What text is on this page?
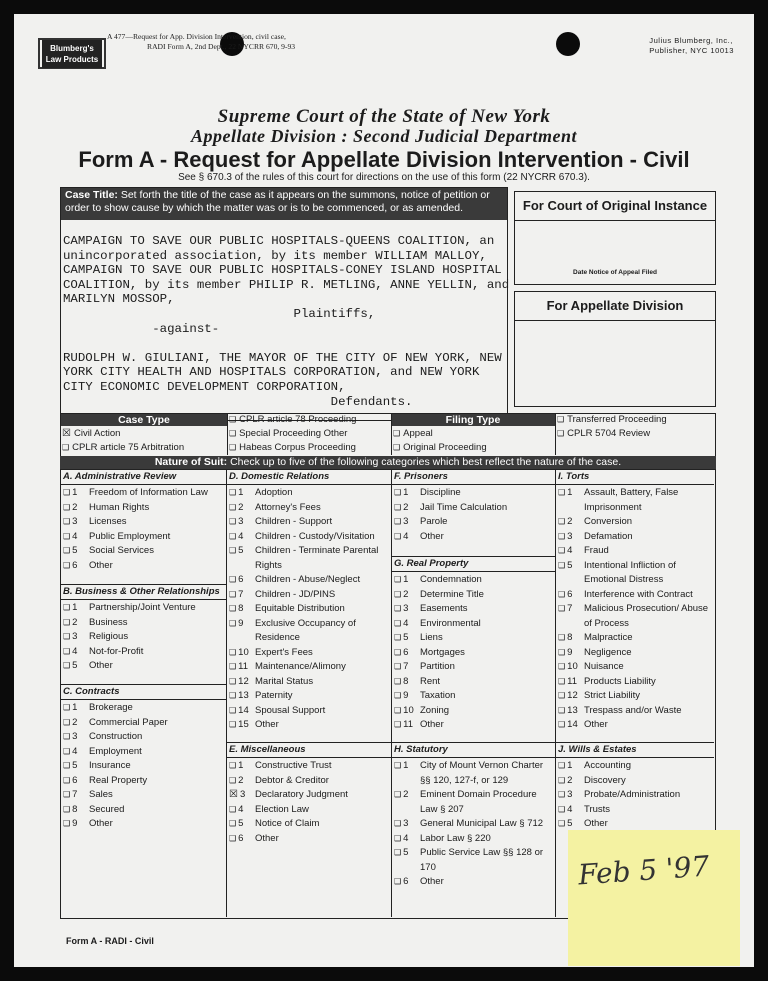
Blumberg's
Law Products
A 477—Request for App. Division Intervention, civil case,
RADI Form A, 2nd Dept., 22 NYCRR 670, 9-93
Julius Blumberg, Inc.,
Publisher, NYC 10013
Supreme Court of the State of New York
Appellate Division : Second Judicial Department
Form A - Request for Appellate Division Intervention - Civil
See § 670.3 of the rules of this court for directions on the use of this form (22 NYCRR 670.3).
Case Title: Set forth the title of the case as it appears on the summons, notice of petition or order to show cause by which the matter was or is to be commenced, or as amended.
CAMPAIGN TO SAVE OUR PUBLIC HOSPITALS-QUEENS COALITION, an
unincorporated association, by its member WILLIAM MALLOY,
CAMPAIGN TO SAVE OUR PUBLIC HOSPITALS-CONEY ISLAND HOSPITAL
COALITION, by its member PHILIP R. METLING, ANNE YELLIN, and
MARILYN MOSSOP,
Plaintiffs,
-against-

RUDOLPH W. GIULIANI, THE MAYOR OF THE CITY OF NEW YORK, NEW
YORK CITY HEALTH AND HOSPITALS CORPORATION, and NEW YORK
CITY ECONOMIC DEVELOPMENT CORPORATION,
Defendants.
For Court of Original Instance
Date Notice of Appeal Filed
For Appellate Division
Case Type	Filing Type
☒ Civil Action
❑ CPLR article 75 Arbitration
❑ CPLR article 78 Proceeding
❑ Special Proceeding Other
❑ Habeas Corpus Proceeding
❑ Appeal
❑ Original Proceeding
❑ Transferred Proceeding
❑ CPLR 5704 Review
Nature of Suit: Check up to five of the following categories which best reflect the nature of the case.
A. Administrative Review
❑ 1	Freedom of Information Law
❑ 2	Human Rights
❑ 3	Licenses
❑ 4	Public Employment
❑ 5	Social Services
❑ 6	Other
B. Business & Other Relationships
❑ 1	Partnership/Joint Venture
❑ 2	Business
❑ 3	Religious
❑ 4	Not-for-Profit
❑ 5	Other
C. Contracts
❑ 1	Brokerage
❑ 2	Commercial Paper
❑ 3	Construction
❑ 4	Employment
❑ 5	Insurance
❑ 6	Real Property
❑ 7	Sales
❑ 8	Secured
❑ 9	Other
D. Domestic Relations
❑ 1	Adoption
❑ 2	Attorney's Fees
❑ 3	Children - Support
❑ 4	Children - Custody/Visitation
❑ 5	Children - Terminate Parental Rights
❑ 6	Children - Abuse/Neglect
❑ 7	Children - JD/PINS
❑ 8	Equitable Distribution
❑ 9	Exclusive Occupancy of Residence
❑ 10 Expert's Fees
❑ 11 Maintenance/Alimony
❑ 12 Marital Status
❑ 13 Paternity
❑ 14 Spousal Support
❑ 15 Other
E. Miscellaneous
❑ 1	Constructive Trust
❑ 2	Debtor & Creditor
☒ 3	Declaratory Judgment
❑ 4	Election Law
❑ 5	Notice of Claim
❑ 6	Other
F. Prisoners
❑ 1	Discipline
❑ 2	Jail Time Calculation
❑ 3	Parole
❑ 4	Other
G. Real Property
❑ 1	Condemnation
❑ 2	Determine Title
❑ 3	Easements
❑ 4	Environmental
❑ 5	Liens
❑ 6	Mortgages
❑ 7	Partition
❑ 8	Rent
❑ 9	Taxation
❑ 10 Zoning
❑ 11 Other
H. Statutory
❑ 1	City of Mount Vernon Charter §§ 120, 127-f, or 129
❑ 2	Eminent Domain Procedure Law § 207
❑ 3	General Municipal Law § 712
❑ 4	Labor Law § 220
❑ 5	Public Service Law §§ 128 or 170
❑ 6	Other
I. Torts
❑ 1	Assault, Battery, False Imprisonment
❑ 2	Conversion
❑ 3	Defamation
❑ 4	Fraud
❑ 5	Intentional Infliction of Emotional Distress
❑ 6	Interference with Contract
❑ 7	Malicious Prosecution/ Abuse of Process
❑ 8	Malpractice
❑ 9	Negligence
❑ 10 Nuisance
❑ 11 Products Liability
❑ 12 Strict Liability
❑ 13 Trespass and/or Waste
❑ 14 Other
J. Wills & Estates
❑ 1	Accounting
❑ 2	Discovery
❑ 3	Probate/Administration
❑ 4	Trusts
❑ 5	Other
Form A - RADI - Civil
Feb 5 '97
